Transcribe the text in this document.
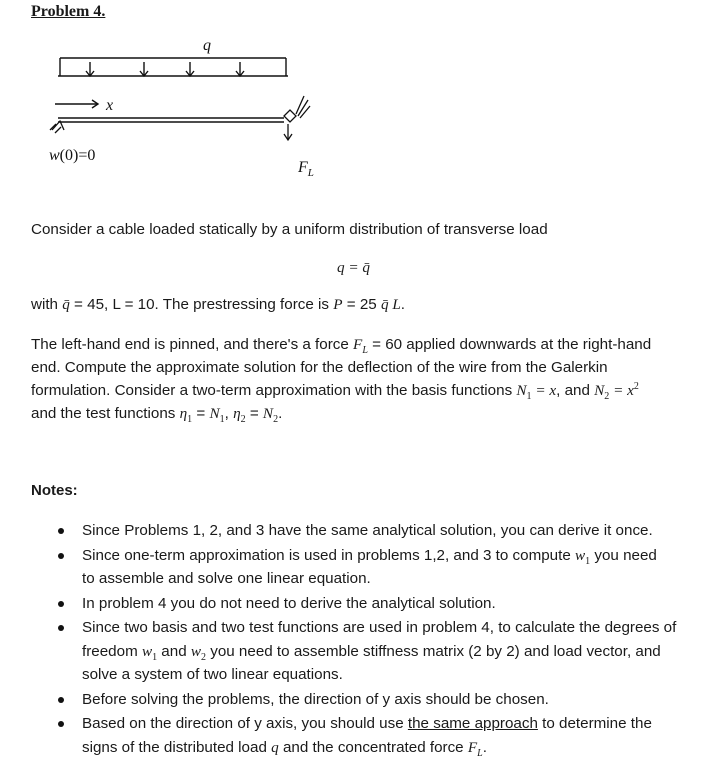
Problem 4.
q
x
w(0)=0
$F_L$
Consider a cable loaded statically by a uniform distribution of transverse load
q = q̄
with q̄ = 45, L = 10. The prestressing force is P = 25 q̄ L.
The left-hand end is pinned, and there's a force $F_L = 60$ applied downwards at the right-hand
end. Compute the approximate solution for the deflection of the wire from the Galerkin
formulation. Consider a two-term approximation with the basis functions $N_1 = x$, and $N_2 = x^2$
and the test functions $\eta_1 = N_1$, $\eta_2 = N_2$.
Notes:
Since Problems 1, 2, and 3 have the same analytical solution, you can derive it once.
Since one-term approximation is used in problems 1,2, and 3 to compute $w_1$ you need
to assemble and solve one linear equation.
In problem 4 you do not need to derive the analytical solution.
Since two basis and two test functions are used in problem 4, to calculate the degrees of
freedom $w_1$ and $w_2$ you need to assemble stiffness matrix (2 by 2) and load vector, and
solve a system of two linear equations.
Before solving the problems, the direction of y axis should be chosen.
Based on the direction of y axis, you should use the same approach to determine the
signs of the distributed load q and the concentrated force $F_L$.
